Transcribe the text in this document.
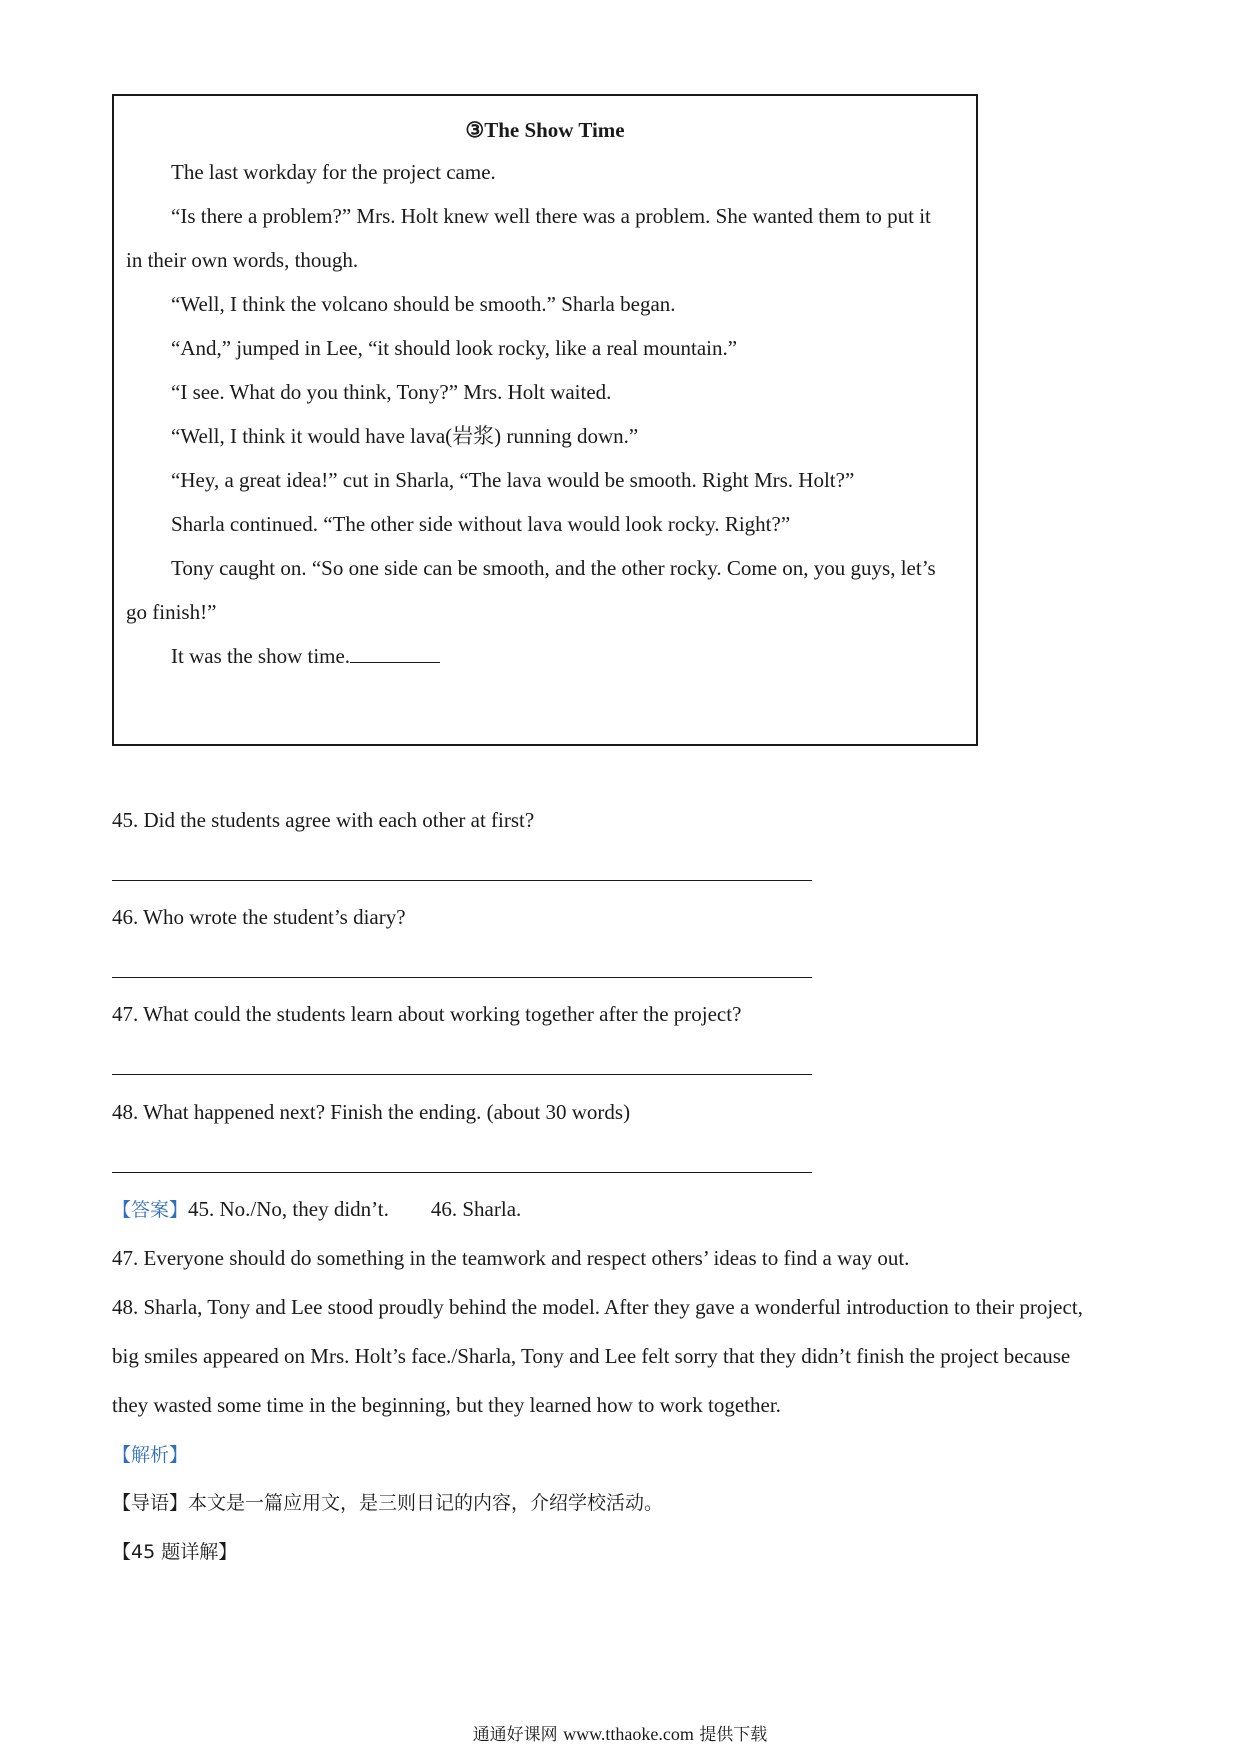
③The Show Time
The last workday for the project came.
“Is there a problem?” Mrs. Holt knew well there was a problem. She wanted them to put it
in their own words, though.
“Well, I think the volcano should be smooth.” Sharla began.
“And,” jumped in Lee, “it should look rocky, like a real mountain.”
“I see. What do you think, Tony?” Mrs. Holt waited.
“Well, I think it would have lava(岩浆) running down.”
“Hey, a great idea!” cut in Sharla, “The lava would be smooth. Right Mrs. Holt?”
Sharla continued. “The other side without lava would look rocky. Right?”
Tony caught on. “So one side can be smooth, and the other rocky. Come on, you guys, let’s
go finish!”
It was the show time.
45. Did the students agree with each other at first?
46. Who wrote the student’s diary?
47. What could the students learn about working together after the project?
48. What happened next? Finish the ending. (about 30 words)
【答案】45. No./No, they didn’t. 46. Sharla.
47. Everyone should do something in the teamwork and respect others’ ideas to find a way out.
48. Sharla, Tony and Lee stood proudly behind the model. After they gave a wonderful introduction to their project,
big smiles appeared on Mrs. Holt’s face./Sharla, Tony and Lee felt sorry that they didn’t finish the project because
they wasted some time in the beginning, but they learned how to work together.
【解析】
【导语】本文是一篇应用文，是三则日记的内容，介绍学校活动。
【45 题详解】
通通好课网 www.tthaoke.com 提供下载
